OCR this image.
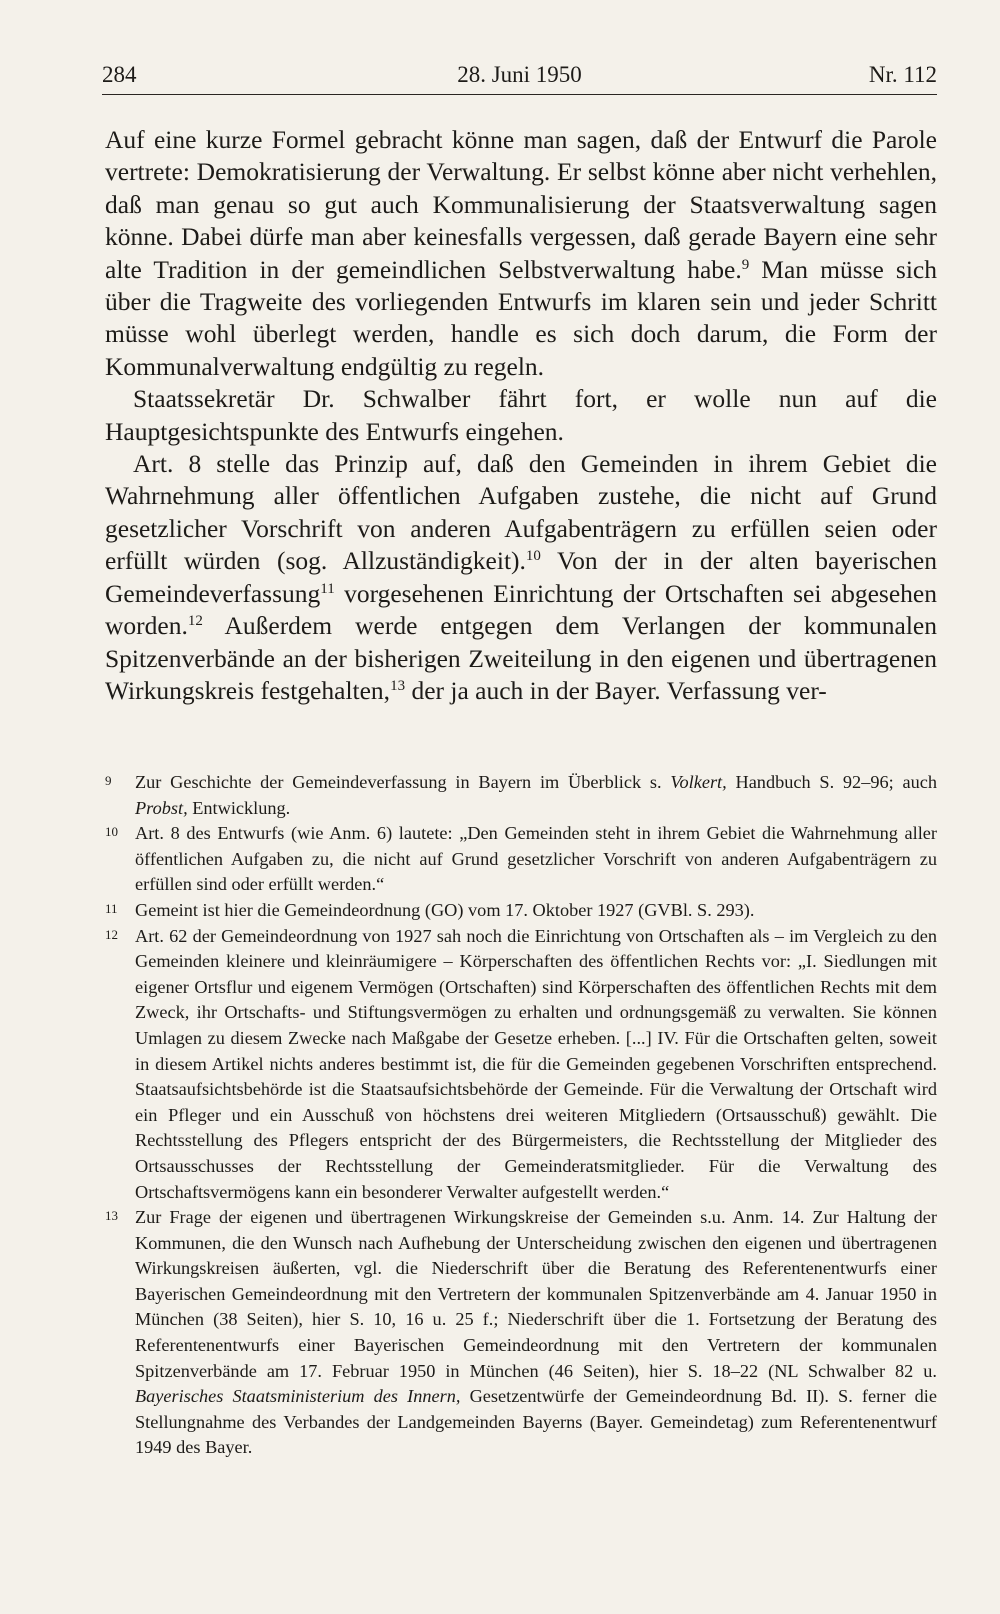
284	28. Juni 1950	Nr. 112

Auf eine kurze Formel gebracht könne man sagen, daß der Entwurf die Parole vertrete: Demokratisierung der Verwaltung. Er selbst könne aber nicht verhehlen, daß man genau so gut auch Kommunalisierung der Staatsverwaltung sagen könne. Dabei dürfe man aber keinesfalls vergessen, daß gerade Bayern eine sehr alte Tradition in der gemeindlichen Selbstverwaltung habe.$^9$ Man müsse sich über die Tragweite des vorliegenden Entwurfs im klaren sein und jeder Schritt müsse wohl überlegt werden, handle es sich doch darum, die Form der Kommunalverwaltung endgültig zu regeln.

Staatssekretär Dr. Schwalber fährt fort, er wolle nun auf die Hauptgesichtspunkte des Entwurfs eingehen.

Art. 8 stelle das Prinzip auf, daß den Gemeinden in ihrem Gebiet die Wahrnehmung aller öffentlichen Aufgaben zustehe, die nicht auf Grund gesetzlicher Vorschrift von anderen Aufgabenträgern zu erfüllen seien oder erfüllt würden (sog. Allzuständigkeit).$^{10}$ Von der in der alten bayerischen Gemeindeverfassung$^{11}$ vorgesehenen Einrichtung der Ortschaften sei abgesehen worden.$^{12}$ Außerdem werde entgegen dem Verlangen der kommunalen Spitzenverbände an der bisherigen Zweiteilung in den eigenen und übertragenen Wirkungskreis festgehalten,$^{13}$ der ja auch in der Bayer. Verfassung ver-

9 Zur Geschichte der Gemeindeverfassung in Bayern im Überblick s. Volkert, Handbuch S. 92–96; auch Probst, Entwicklung.

10 Art. 8 des Entwurfs (wie Anm. 6) lautete: „Den Gemeinden steht in ihrem Gebiet die Wahrnehmung aller öffentlichen Aufgaben zu, die nicht auf Grund gesetzlicher Vorschrift von anderen Aufgabenträgern zu erfüllen sind oder erfüllt werden.“

11 Gemeint ist hier die Gemeindeordnung (GO) vom 17. Oktober 1927 (GVBl. S. 293).

12 Art. 62 der Gemeindeordnung von 1927 sah noch die Einrichtung von Ortschaften als – im Vergleich zu den Gemeinden kleinere und kleinräumigere – Körperschaften des öffentlichen Rechts vor: „I. Siedlungen mit eigener Ortsflur und eigenem Vermögen (Ortschaften) sind Körperschaften des öffentlichen Rechts mit dem Zweck, ihr Ortschafts- und Stiftungsvermögen zu erhalten und ordnungsgemäß zu verwalten. Sie können Umlagen zu diesem Zwecke nach Maßgabe der Gesetze erheben. [...] IV. Für die Ortschaften gelten, soweit in diesem Artikel nichts anderes bestimmt ist, die für die Gemeinden gegebenen Vorschriften entsprechend. Staatsaufsichtsbehörde ist die Staatsaufsichtsbehörde der Gemeinde. Für die Verwaltung der Ortschaft wird ein Pfleger und ein Ausschuß von höchstens drei weiteren Mitgliedern (Ortsausschuß) gewählt. Die Rechtsstellung des Pflegers entspricht der des Bürgermeisters, die Rechtsstellung der Mitglieder des Ortsausschusses der Rechtsstellung der Gemeinderatsmitglieder. Für die Verwaltung des Ortschaftsvermögens kann ein besonderer Verwalter aufgestellt werden.“

13 Zur Frage der eigenen und übertragenen Wirkungskreise der Gemeinden s.u. Anm. 14. Zur Haltung der Kommunen, die den Wunsch nach Aufhebung der Unterscheidung zwischen den eigenen und übertragenen Wirkungskreisen äußerten, vgl. die Niederschrift über die Beratung des Referentenentwurfs einer Bayerischen Gemeindeordnung mit den Vertretern der kommunalen Spitzenverbände am 4. Januar 1950 in München (38 Seiten), hier S. 10, 16 u. 25 f.; Niederschrift über die 1. Fortsetzung der Beratung des Referentenentwurfs einer Bayerischen Gemeindeordnung mit den Vertretern der kommunalen Spitzenverbände am 17. Februar 1950 in München (46 Seiten), hier S. 18–22 (NL Schwalber 82 u. Bayerisches Staatsministerium des Innern, Gesetzentwürfe der Gemeindeordnung Bd. II). S. ferner die Stellungnahme des Verbandes der Landgemeinden Bayerns (Bayer. Gemeindetag) zum Referentenentwurf 1949 des Bayer.
